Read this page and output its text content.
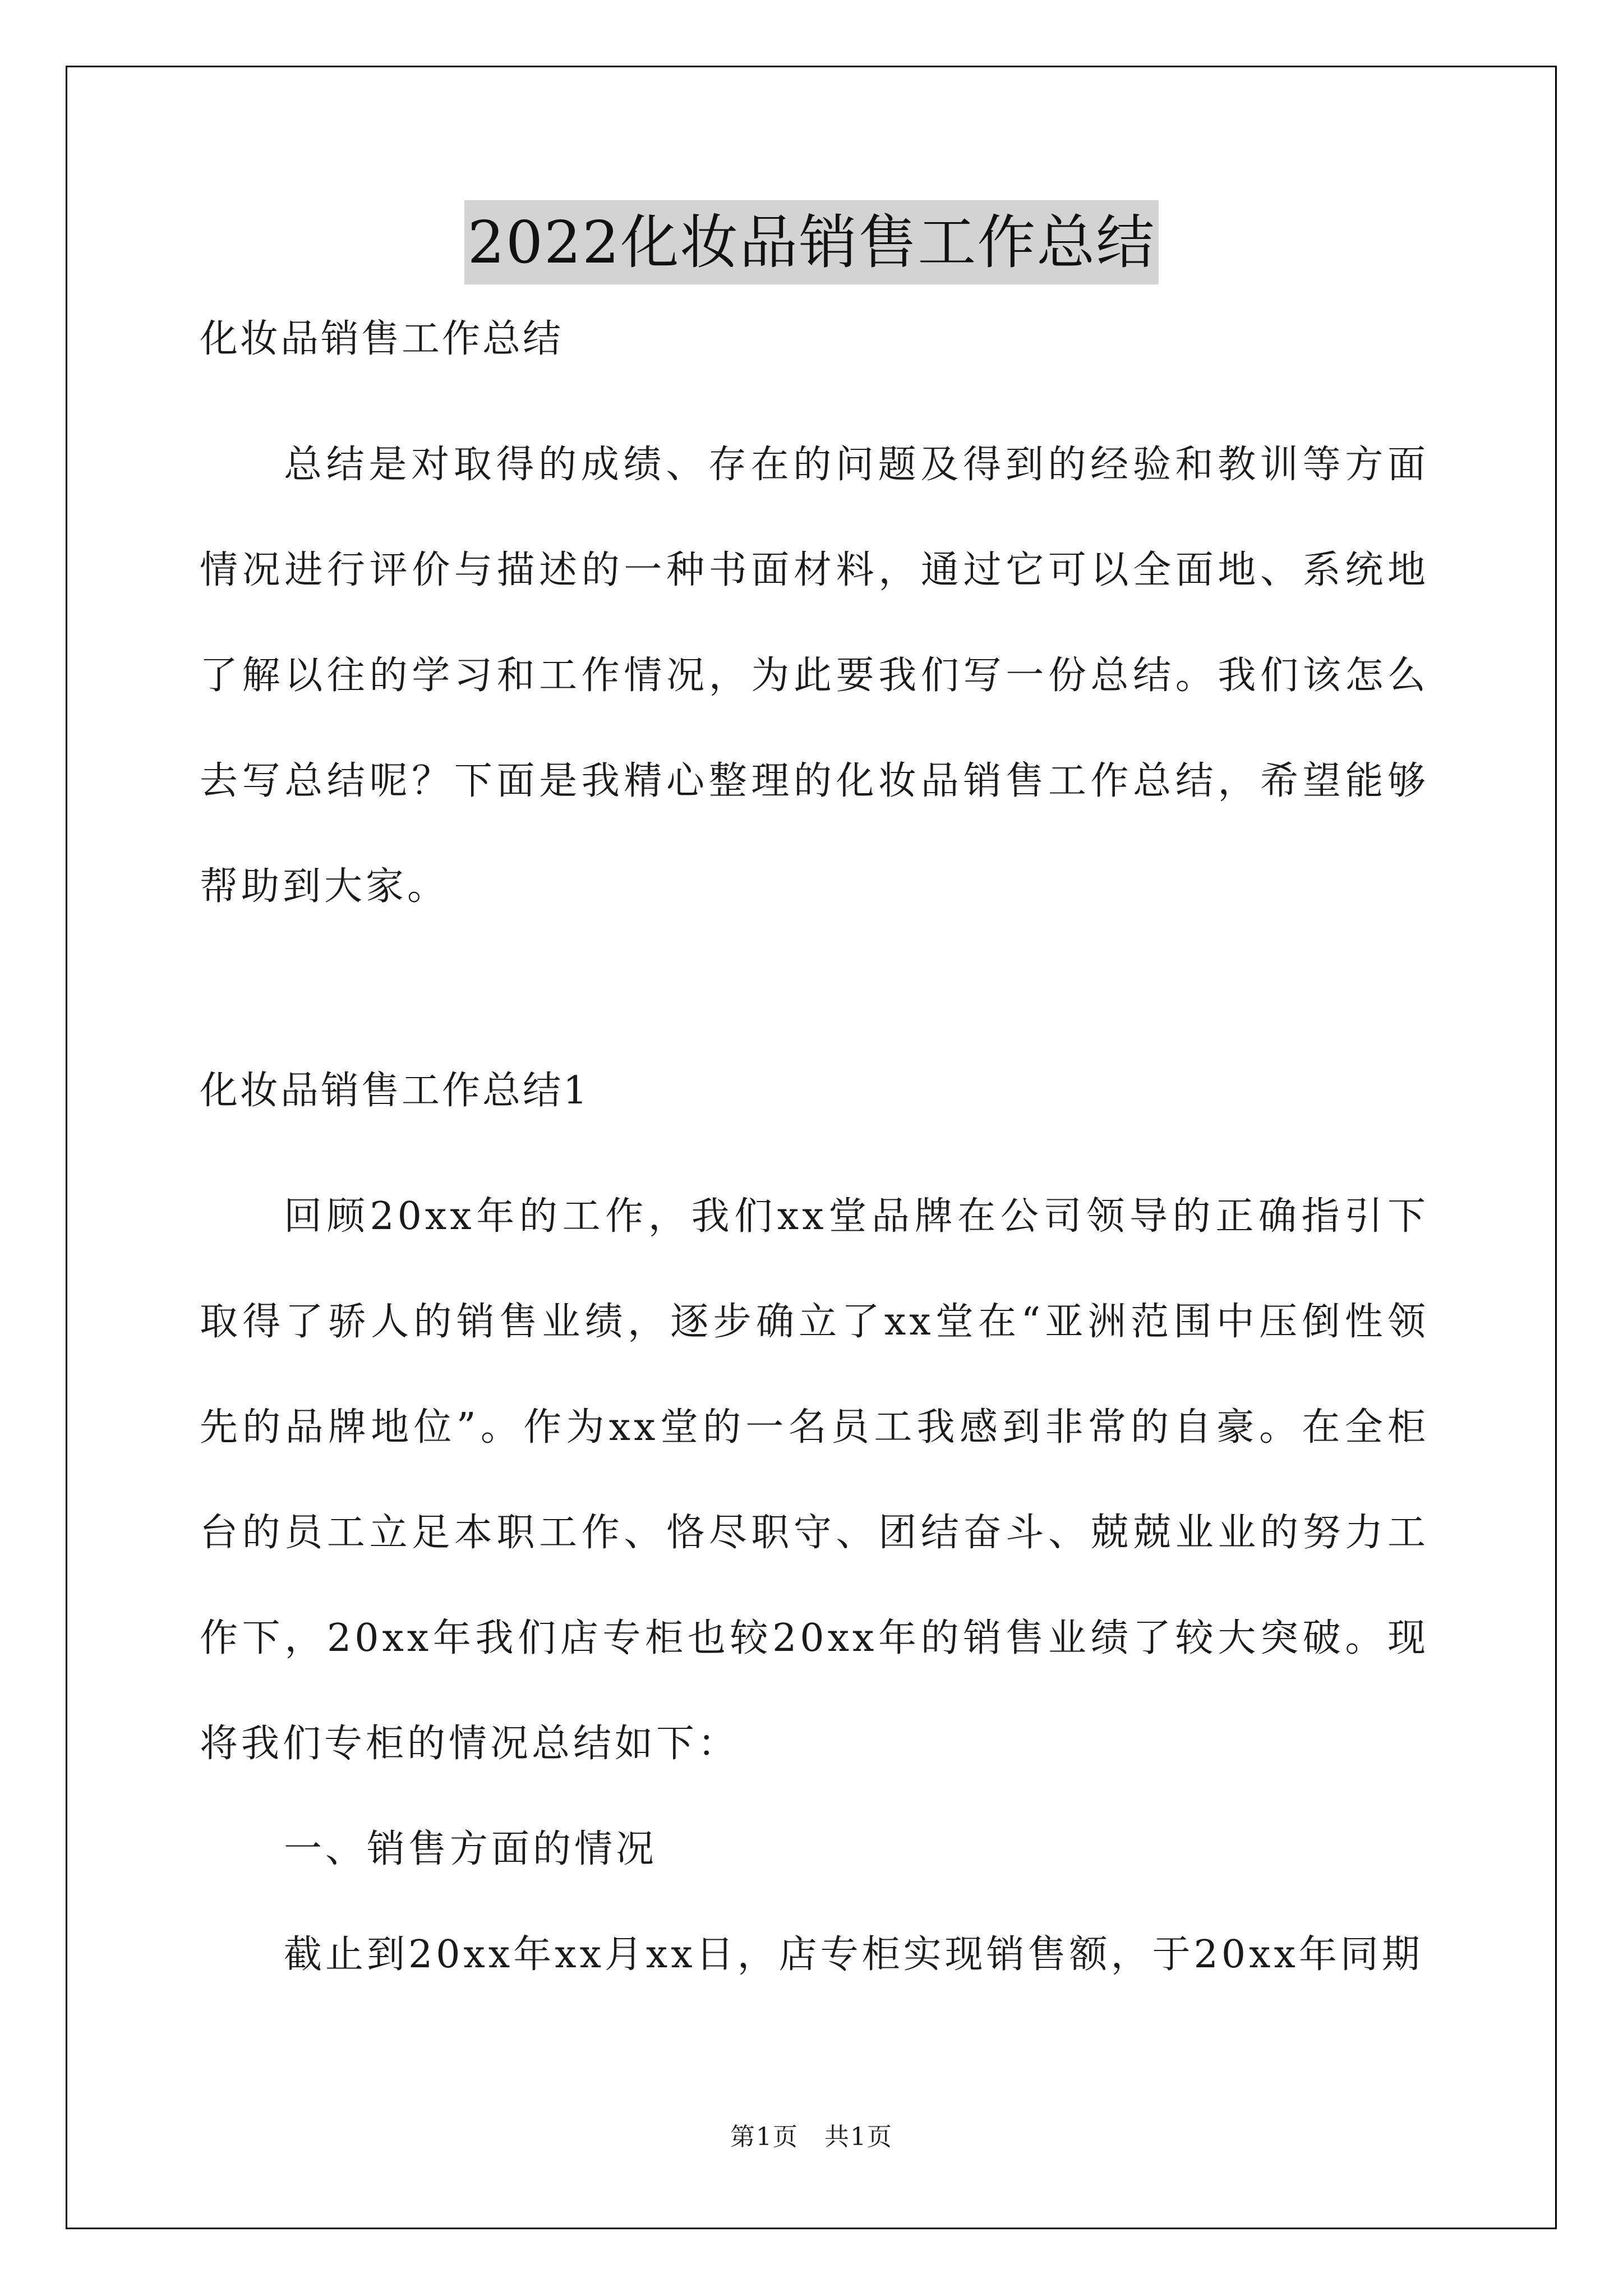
2022化妆品销售工作总结

化妆品销售工作总结

总结是对取得的成绩、存在的问题及得到的经验和教训等方面情况进行评价与描述的一种书面材料，通过它可以全面地、系统地了解以往的学习和工作情况，为此要我们写一份总结。我们该怎么去写总结呢？下面是我精心整理的化妆品销售工作总结，希望能够帮助到大家。

化妆品销售工作总结1

回顾20xx年的工作，我们xx堂品牌在公司领导的正确指引下取得了骄人的销售业绩，逐步确立了xx堂在“亚洲范围中压倒性领先的品牌地位”。作为xx堂的一名员工我感到非常的自豪。在全柜台的员工立足本职工作、恪尽职守、团结奋斗、兢兢业业的努力工作下，20xx年我们店专柜也较20xx年的销售业绩了较大突破。现将我们专柜的情况总结如下：

一、销售方面的情况

截止到20xx年xx月xx日，店专柜实现销售额，于20xx年同期

第1页　共1页
